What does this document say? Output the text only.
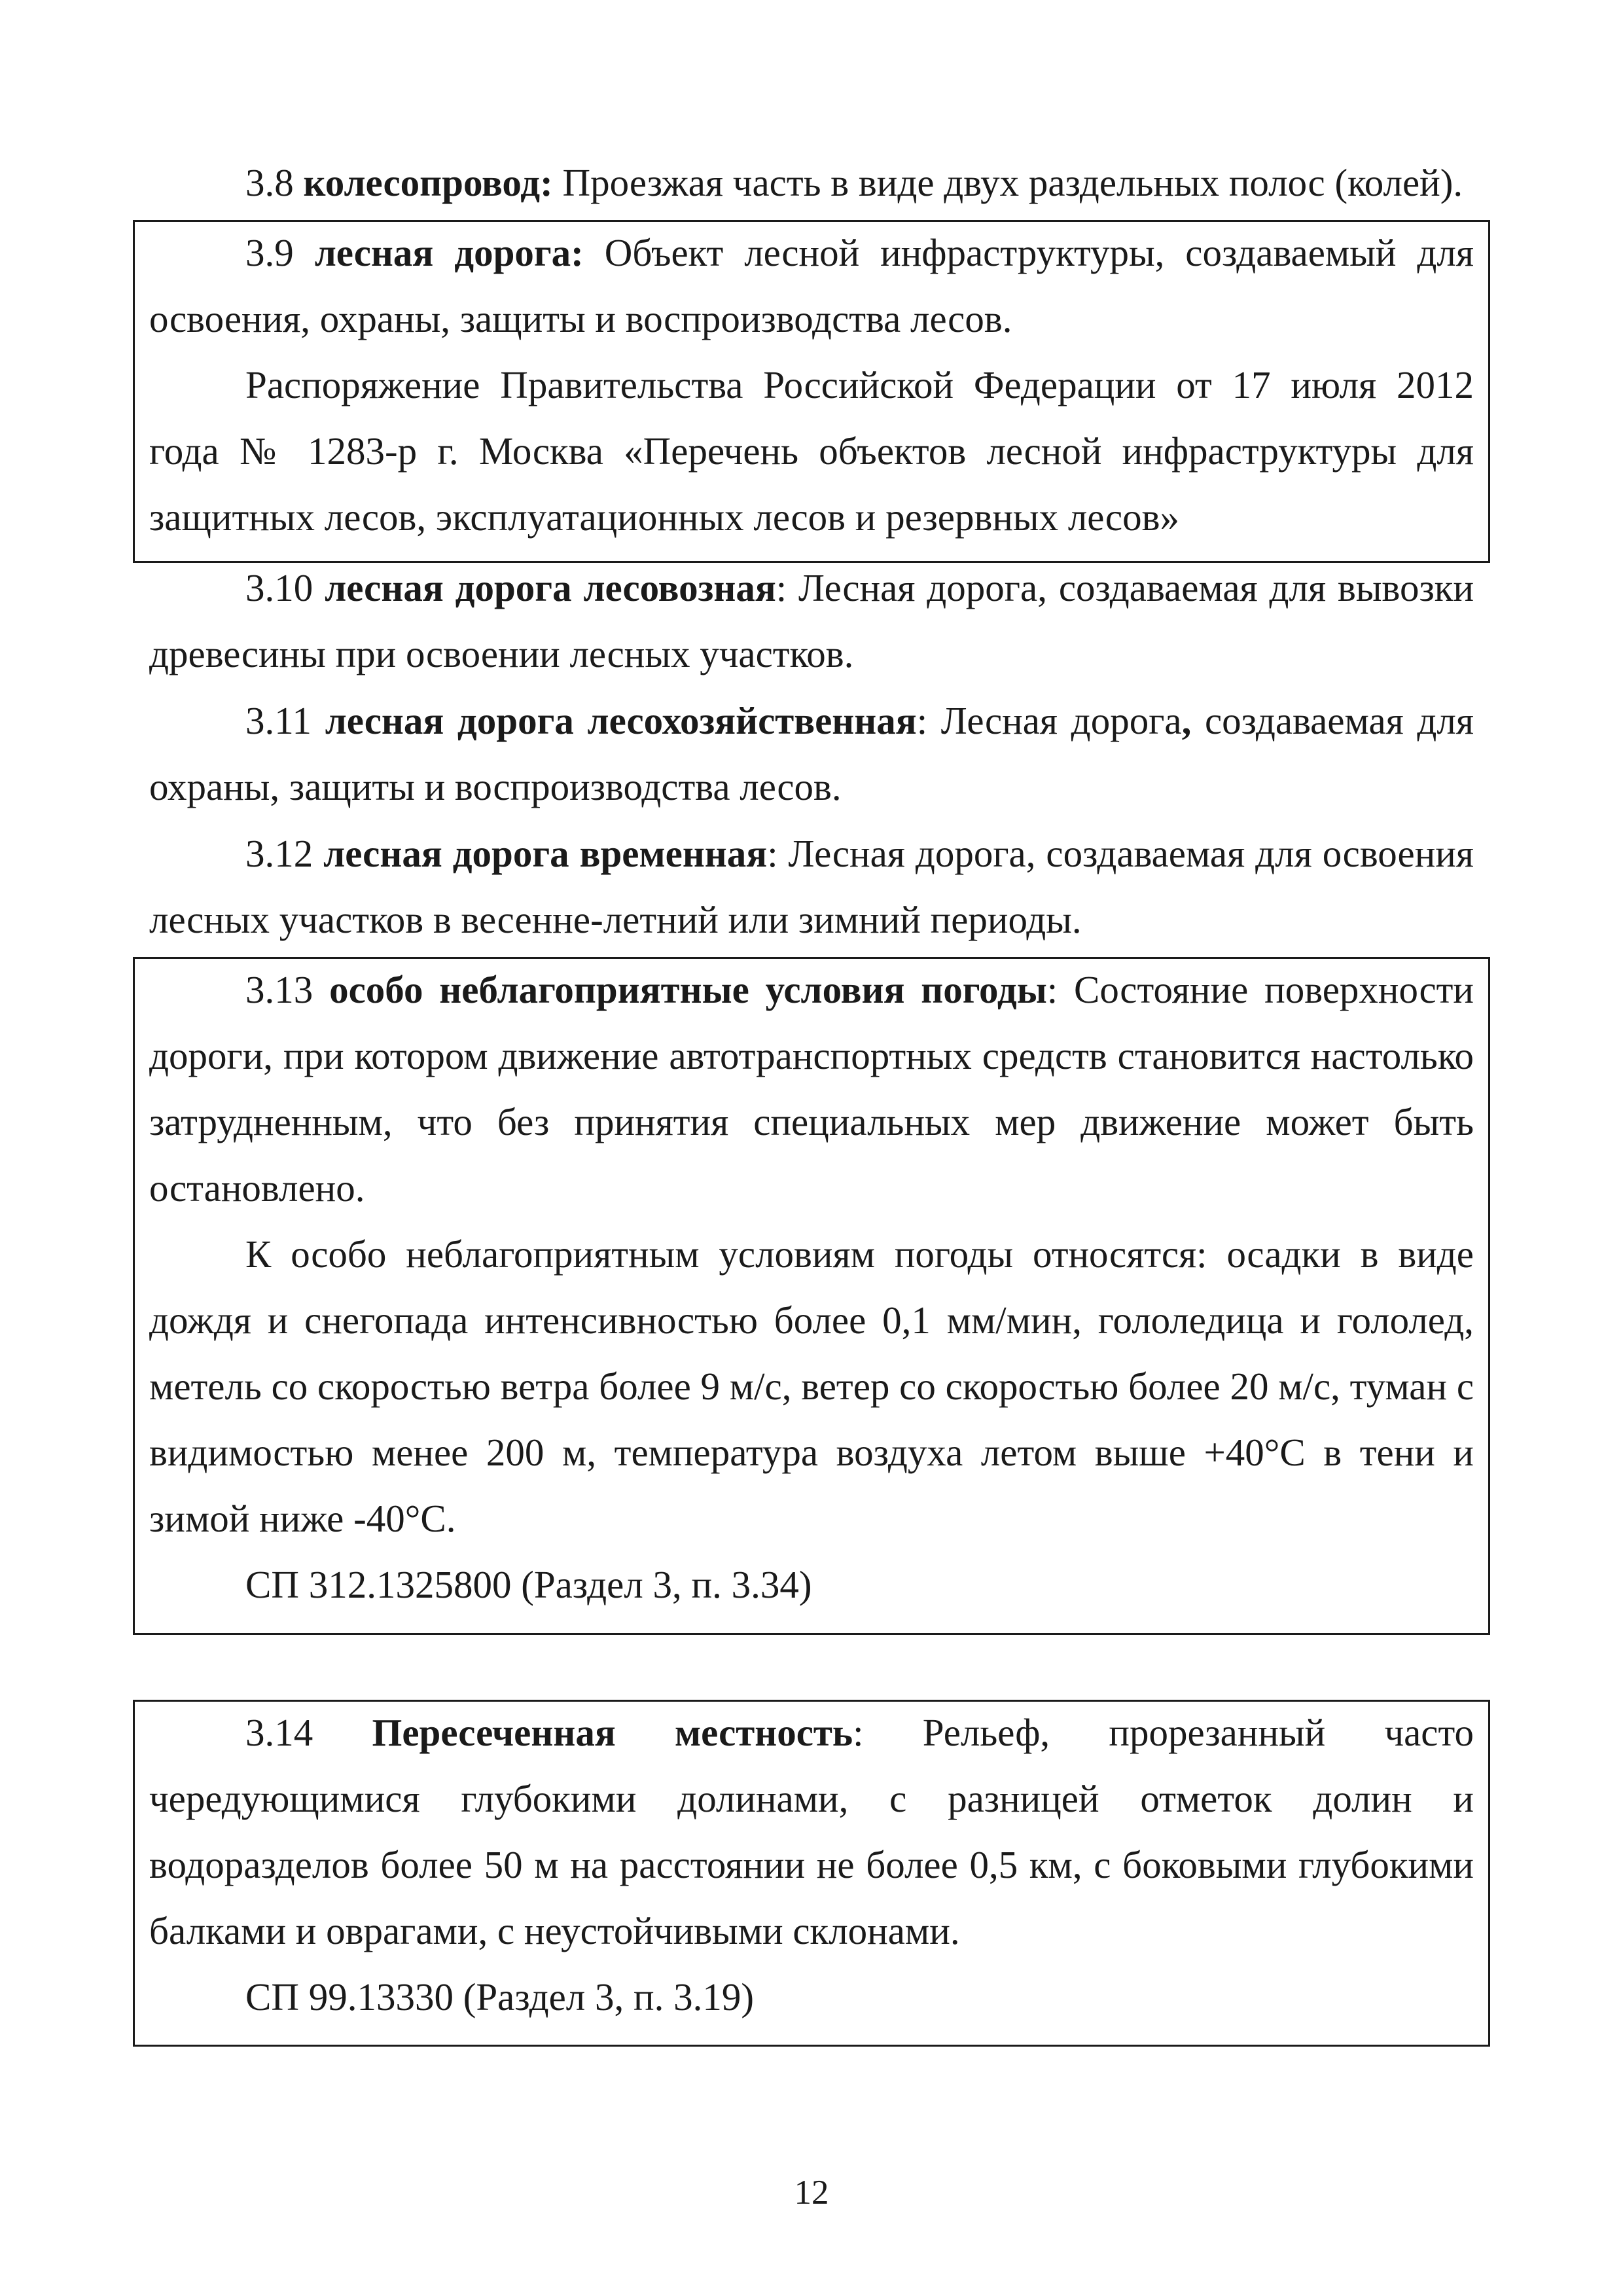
3.8 колесопровод: Проезжая часть в виде двух раздельных полос (колей).

3.9 лесная дорога: Объект лесной инфраструктуры, создаваемый для освоения, охраны, защиты и воспроизводства лесов.

Распоряжение Правительства Российской Федерации от 17 июля 2012 года № 1283-р г. Москва «Перечень объектов лесной инфраструктуры для защитных лесов, эксплуатационных лесов и резервных лесов»

3.10 лесная дорога лесовозная: Лесная дорога, создаваемая для вывозки древесины при освоении лесных участков.

3.11 лесная дорога лесохозяйственная: Лесная дорога, создаваемая для охраны, защиты и воспроизводства лесов.

3.12 лесная дорога временная: Лесная дорога, создаваемая для освоения лесных участков в весенне-летний или зимний периоды.

3.13 особо неблагоприятные условия погоды: Состояние поверхности дороги, при котором движение автотранспортных средств становится настолько затрудненным, что без принятия специальных мер движение может быть остановлено.

К особо неблагоприятным условиям погоды относятся: осадки в виде дождя и снегопада интенсивностью более 0,1 мм/мин, гололедица и гололед, метель со скоростью ветра более 9 м/с, ветер со скоростью более 20 м/с, туман с видимостью менее 200 м, температура воздуха летом выше +40°С в тени и зимой ниже -40°С.

СП 312.1325800 (Раздел 3, п. 3.34)

3.14 Пересеченная местность: Рельеф, прорезанный часто чередующимися глубокими долинами, с разницей отметок долин и водоразделов более 50 м на расстоянии не более 0,5 км, с боковыми глубокими балками и оврагами, с неустойчивыми склонами.

СП 99.13330 (Раздел 3, п. 3.19)

12
